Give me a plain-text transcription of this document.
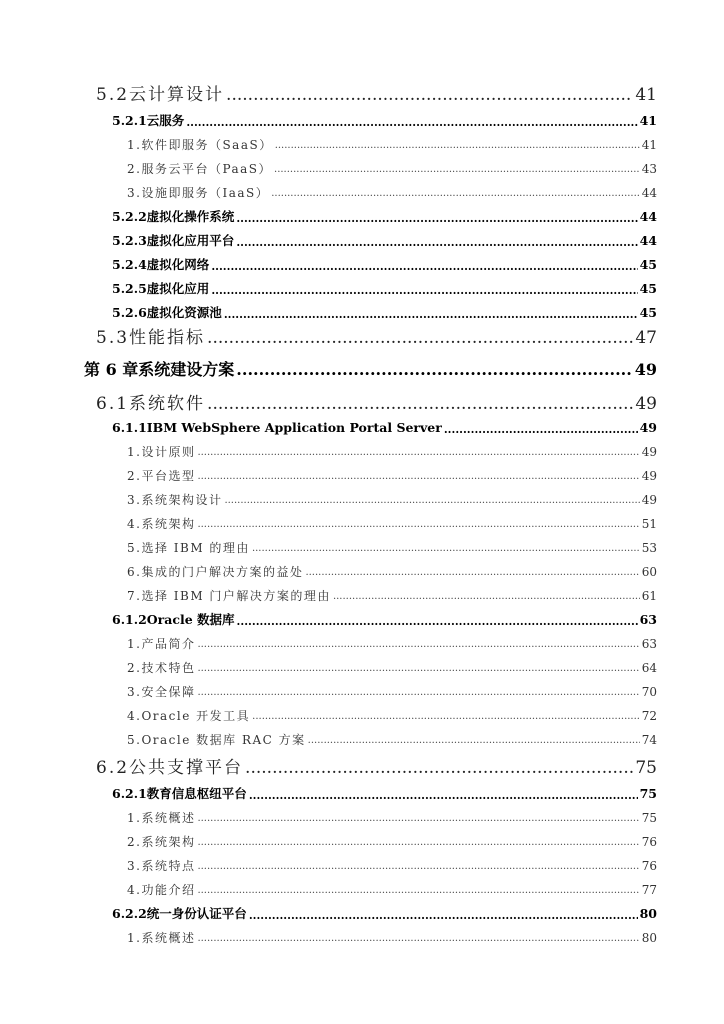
5.2 云计算设计 .....	41
5.2.1 云服务 .....	41
1.软件即服务（SaaS） .....	41
2.服务云平台（PaaS） .....	43
3.设施即服务（IaaS） .....	44
5.2.2 虚拟化操作系统 .....	44
5.2.3 虚拟化应用平台 .....	44
5.2.4 虚拟化网络 .....	45
5.2.5 虚拟化应用 .....	45
5.2.6 虚拟化资源池 .....	45
5.3 性能指标 .....	47
第 6 章 系统建设方案 .....	49
6.1 系统软件 .....	49
6.1.1 IBM WebSphere Application Portal Server .....	49
1.设计原则 .....	49
2.平台选型 .....	49
3.系统架构设计 .....	49
4.系统架构 .....	51
5.选择 IBM 的理由 .....	53
6.集成的门户解决方案的益处 .....	60
7.选择 IBM 门户解决方案的理由 .....	61
6.1.2 Oracle 数据库 .....	63
1.产品简介 .....	63
2.技术特色 .....	64
3.安全保障 .....	70
4.Oracle 开发工具 .....	72
5.Oracle 数据库 RAC 方案 .....	74
6.2 公共支撑平台 .....	75
6.2.1 教育信息枢纽平台 .....	75
1.系统概述 .....	75
2.系统架构 .....	76
3.系统特点 .....	76
4.功能介绍 .....	77
6.2.2 统一身份认证平台 .....	80
1.系统概述 .....	80
